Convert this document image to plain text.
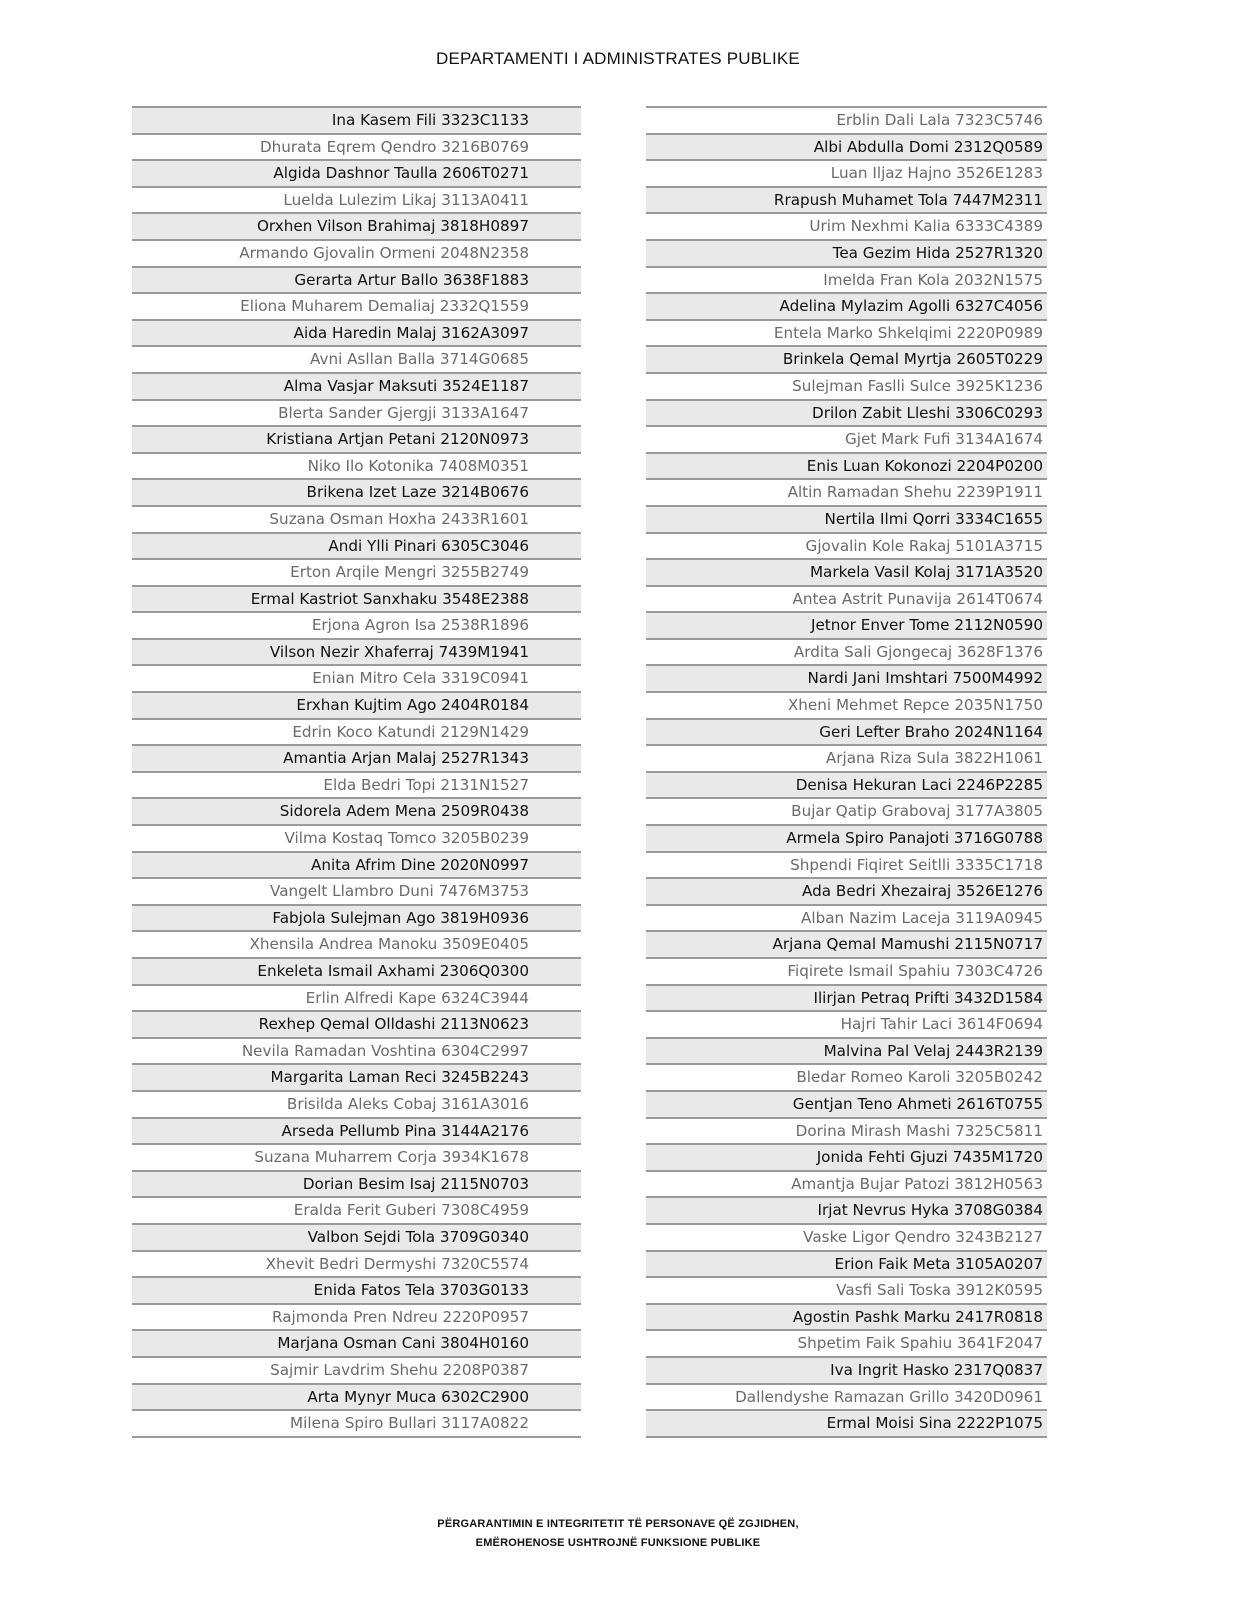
DEPARTAMENTI I ADMINISTRATES PUBLIKE
Ina Kasem Fili 3323C1133
Dhurata Eqrem Qendro 3216B0769
Algida Dashnor Taulla 2606T0271
Luelda Lulezim Likaj 3113A0411
Orxhen Vilson Brahimaj 3818H0897
Armando Gjovalin Ormeni 2048N2358
Gerarta Artur Ballo 3638F1883
Eliona Muharem Demaliaj 2332Q1559
Aida Haredin Malaj 3162A3097
Avni Asllan Balla 3714G0685
Alma Vasjar Maksuti 3524E1187
Blerta Sander Gjergji 3133A1647
Kristiana Artjan Petani 2120N0973
Niko Ilo Kotonika 7408M0351
Brikena Izet Laze 3214B0676
Suzana Osman Hoxha 2433R1601
Andi Ylli Pinari 6305C3046
Erton Arqile Mengri 3255B2749
Ermal Kastriot Sanxhaku 3548E2388
Erjona Agron Isa 2538R1896
Vilson Nezir Xhaferraj 7439M1941
Enian Mitro Cela 3319C0941
Erxhan Kujtim Ago 2404R0184
Edrin Koco Katundi 2129N1429
Amantia Arjan Malaj 2527R1343
Elda Bedri Topi 2131N1527
Sidorela Adem Mena 2509R0438
Vilma Kostaq Tomco 3205B0239
Anita Afrim Dine 2020N0997
Vangelt Llambro Duni 7476M3753
Fabjola Sulejman Ago 3819H0936
Xhensila Andrea Manoku 3509E0405
Enkeleta Ismail Axhami 2306Q0300
Erlin Alfredi Kape 6324C3944
Rexhep Qemal Olldashi 2113N0623
Nevila Ramadan Voshtina 6304C2997
Margarita Laman Reci 3245B2243
Brisilda Aleks Cobaj 3161A3016
Arseda Pellumb Pina 3144A2176
Suzana Muharrem Corja 3934K1678
Dorian Besim Isaj 2115N0703
Eralda Ferit Guberi 7308C4959
Valbon Sejdi Tola 3709G0340
Xhevit Bedri Dermyshi 7320C5574
Enida Fatos Tela 3703G0133
Rajmonda Pren Ndreu 2220P0957
Marjana Osman Cani 3804H0160
Sajmir Lavdrim Shehu 2208P0387
Arta Mynyr Muca 6302C2900
Milena Spiro Bullari 3117A0822
Erblin Dali Lala 7323C5746
Albi Abdulla Domi 2312Q0589
Luan Iljaz Hajno 3526E1283
Rrapush Muhamet Tola 7447M2311
Urim Nexhmi Kalia 6333C4389
Tea Gezim Hida 2527R1320
Imelda Fran Kola 2032N1575
Adelina Mylazim Agolli 6327C4056
Entela Marko Shkelqimi 2220P0989
Brinkela Qemal Myrtja 2605T0229
Sulejman Faslli Sulce 3925K1236
Drilon Zabit Lleshi 3306C0293
Gjet Mark Fufi 3134A1674
Enis Luan Kokonozi 2204P0200
Altin Ramadan Shehu 2239P1911
Nertila Ilmi Qorri 3334C1655
Gjovalin Kole Rakaj 5101A3715
Markela Vasil Kolaj 3171A3520
Antea Astrit Punavija 2614T0674
Jetnor Enver Tome 2112N0590
Ardita Sali Gjongecaj 3628F1376
Nardi Jani Imshtari 7500M4992
Xheni Mehmet Repce 2035N1750
Geri Lefter Braho 2024N1164
Arjana Riza Sula 3822H1061
Denisa Hekuran Laci 2246P2285
Bujar Qatip Grabovaj 3177A3805
Armela Spiro Panajoti 3716G0788
Shpendi Fiqiret Seitlli 3335C1718
Ada Bedri Xhezairaj 3526E1276
Alban Nazim Laceja 3119A0945
Arjana Qemal Mamushi 2115N0717
Fiqirete Ismail Spahiu 7303C4726
Ilirjan Petraq Prifti 3432D1584
Hajri Tahir Laci 3614F0694
Malvina Pal Velaj 2443R2139
Bledar Romeo Karoli 3205B0242
Gentjan Teno Ahmeti 2616T0755
Dorina Mirash Mashi 7325C5811
Jonida Fehti Gjuzi 7435M1720
Amantja Bujar Patozi 3812H0563
Irjat Nevrus Hyka 3708G0384
Vaske Ligor Qendro 3243B2127
Erion Faik Meta 3105A0207
Vasfi Sali Toska 3912K0595
Agostin Pashk Marku 2417R0818
Shpetim Faik Spahiu 3641F2047
Iva Ingrit Hasko 2317Q0837
Dallendyshe Ramazan Grillo 3420D0961
Ermal Moisi Sina 2222P1075
PËRGARANTIMIN E INTEGRITETIT TË PERSONAVE QË ZGJIDHEN,
EMËROHENOSE USHTROJNË FUNKSIONE PUBLIKE
